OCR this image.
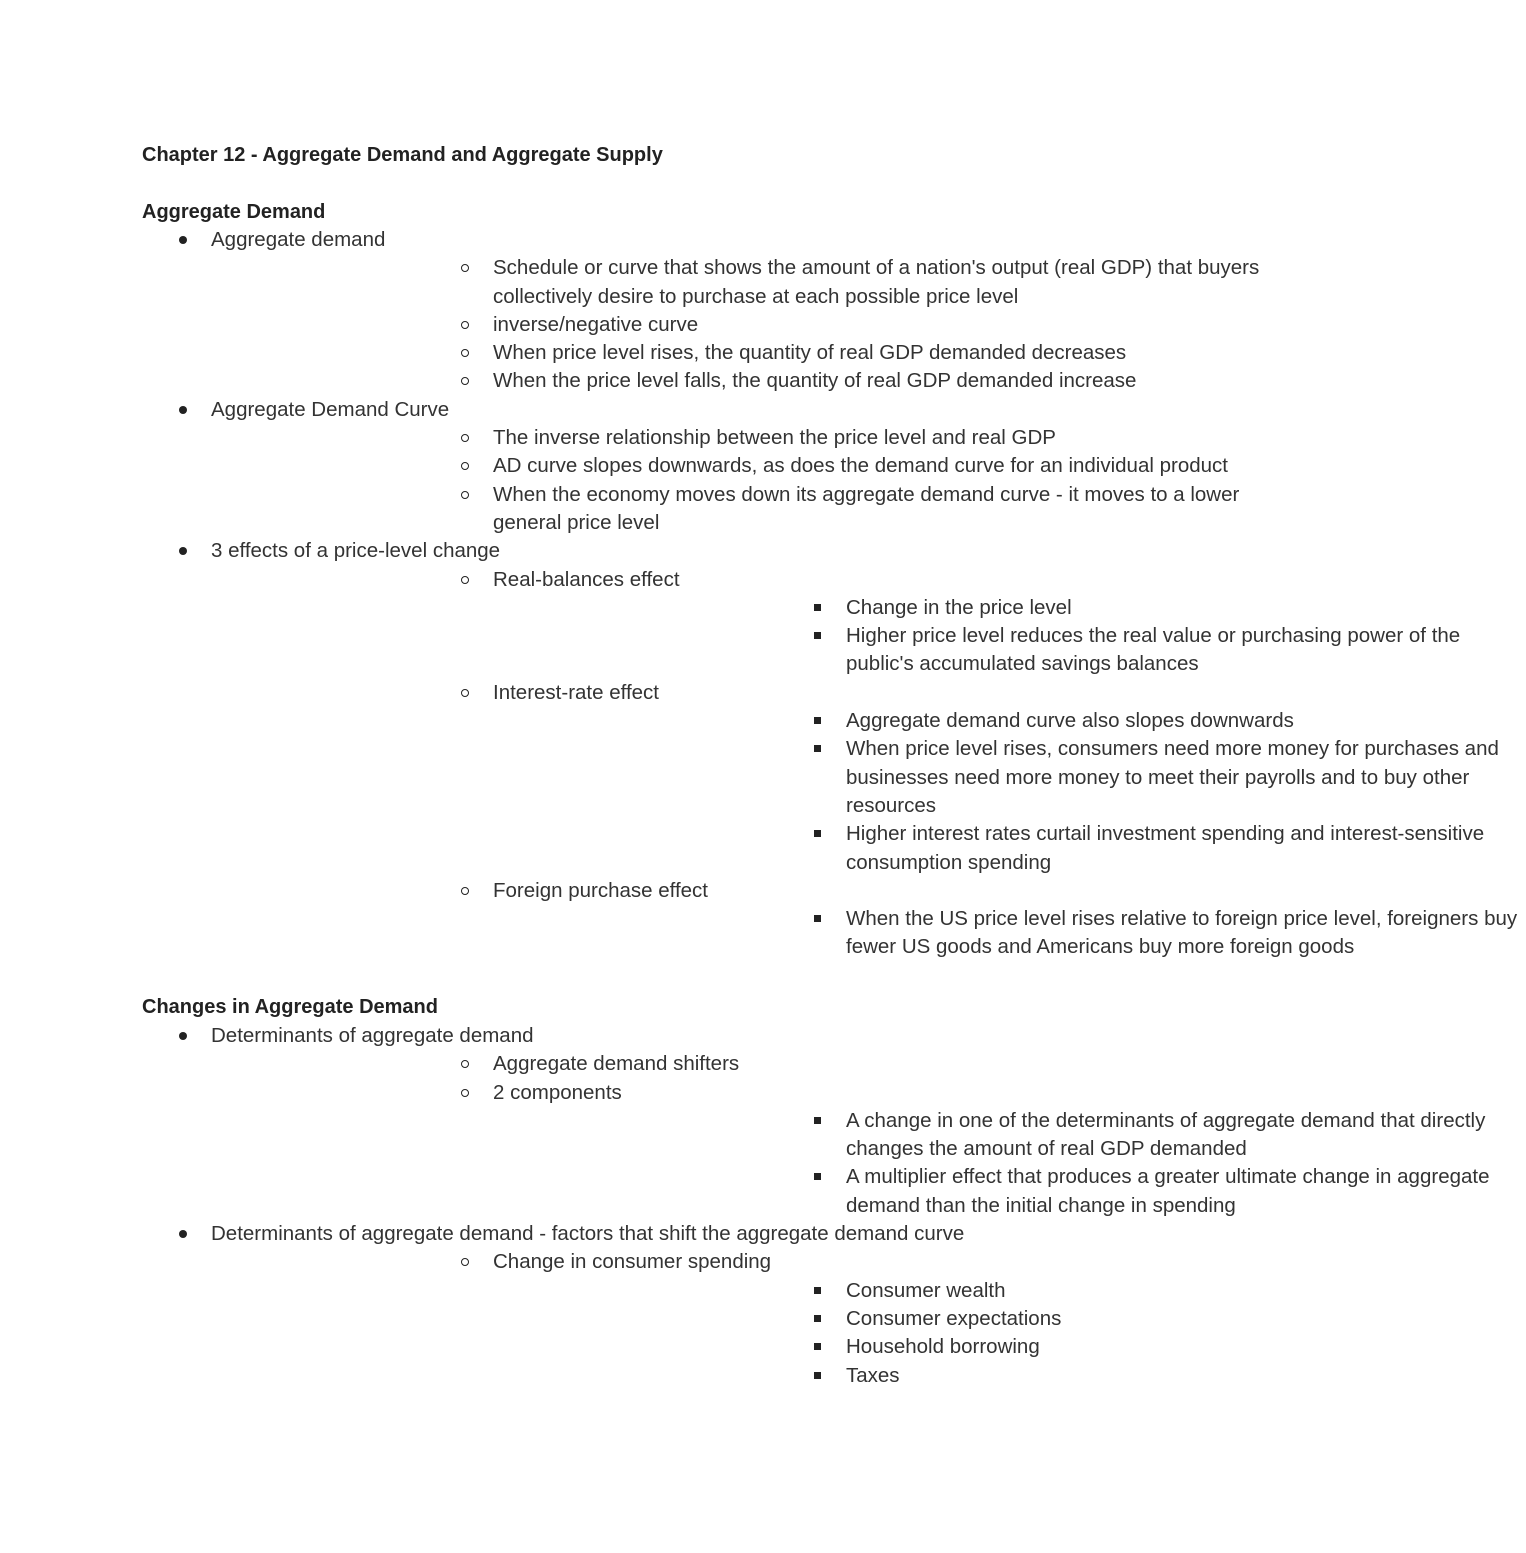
Chapter 12 - Aggregate Demand and Aggregate Supply
Aggregate Demand
Aggregate demand
Schedule or curve that shows the amount of a nation's output (real GDP) that buyers collectively desire to purchase at each possible price level
inverse/negative curve
When price level rises, the quantity of real GDP demanded decreases
When the price level falls, the quantity of real GDP demanded increase
Aggregate Demand Curve
The inverse relationship between the price level and real GDP
AD curve slopes downwards, as does the demand curve for an individual product
When the economy moves down its aggregate demand curve - it moves to a lower general price level
3 effects of a price-level change
Real-balances effect
Change in the price level
Higher price level reduces the real value or purchasing power of the public's accumulated savings balances
Interest-rate effect
Aggregate demand curve also slopes downwards
When price level rises, consumers need more money for purchases and businesses need more money to meet their payrolls and to buy other resources
Higher interest rates curtail investment spending and interest-sensitive consumption spending
Foreign purchase effect
When the US price level rises relative to foreign price level, foreigners buy fewer US goods and Americans buy more foreign goods
Changes in Aggregate Demand
Determinants of aggregate demand
Aggregate demand shifters
2 components
A change in one of the determinants of aggregate demand that directly changes the amount of real GDP demanded
A multiplier effect that produces a greater ultimate change in aggregate demand than the initial change in spending
Determinants of aggregate demand - factors that shift the aggregate demand curve
Change in consumer spending
Consumer wealth
Consumer expectations
Household borrowing
Taxes
